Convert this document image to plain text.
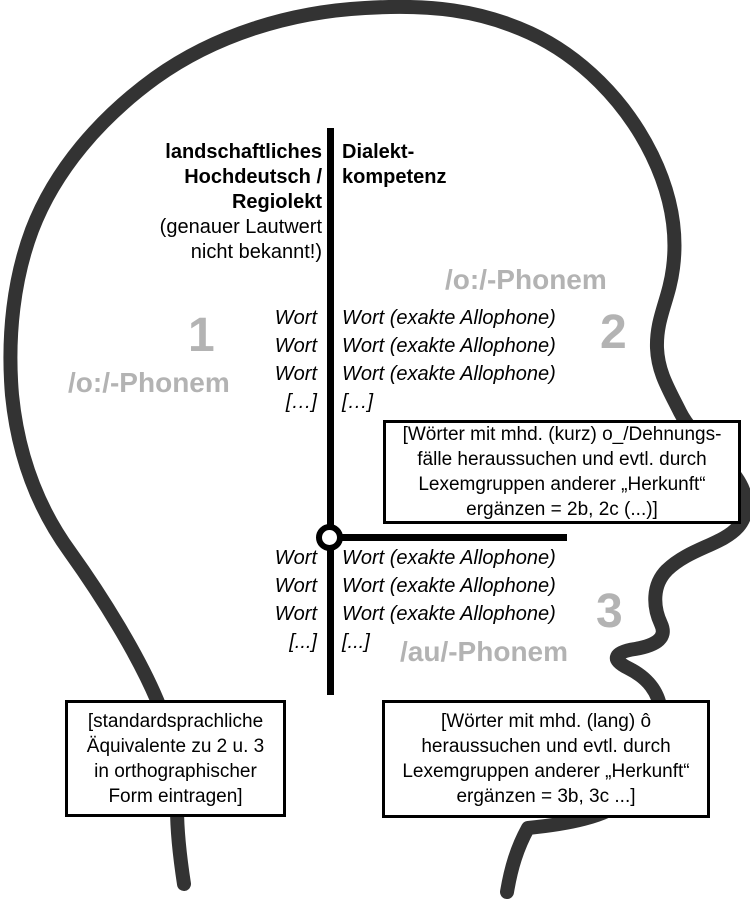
[Wörter mit mhd. (kurz) o_/Dehnungs-
fälle heraussuchen und evtl. durch
Lexemgruppen anderer „Herkunft“
ergänzen = 2b, 2c (...)]
[standardsprachliche
Äquivalente zu 2 u. 3
in orthographischer
Form eintragen]
[Wörter mit mhd. (lang) ô
heraussuchen und evtl. durch
Lexemgruppen anderer „Herkunft“
ergänzen = 3b, 3c ...]
landschaftliches
Hochdeutsch /
Regiolekt
(genauer Lautwert
nicht bekannt!)
Dialekt-
kompetenz
/o:/-Phonem
/o:/-Phonem
/au/-Phonem
1	2
3
Wort
Wort
Wort
[…]
Wort (exakte Allophone)
Wort (exakte Allophone)
Wort (exakte Allophone)
[…]
Wort
Wort
Wort
[...]
Wort (exakte Allophone)
Wort (exakte Allophone)
Wort (exakte Allophone)
[...]
